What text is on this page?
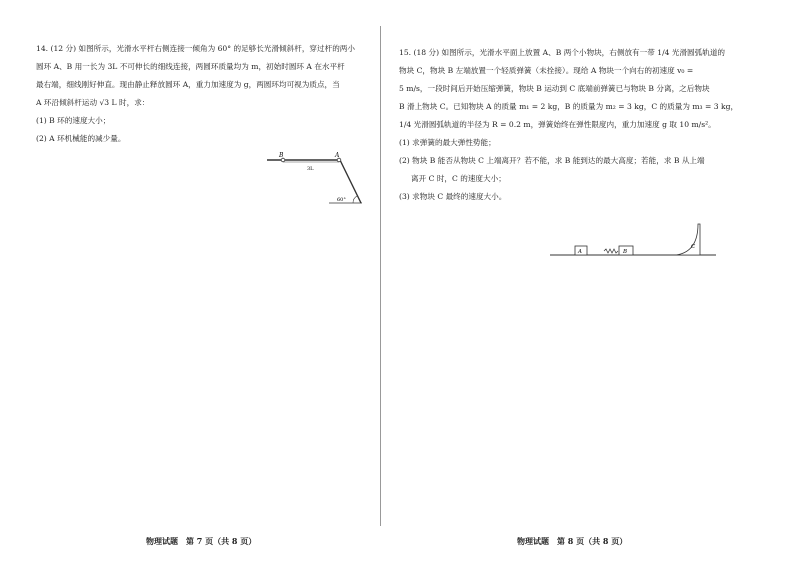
14. (12 分) 如图所示，光滑水平杆右侧连接一倾角为 60° 的足够长光滑倾斜杆，穿过杆的两小

圆环 A、B 用一长为 3L 不可伸长的细线连接，两圆环质量均为 m，初始时圆环 A 在水平杆

最右端，细线刚好伸直。现由静止释放圆环 A，重力加速度为 g，两圆环均可视为质点，当

A 环沿倾斜杆运动 √3 L 时，求：

(1) B 环的速度大小；

(2) A 环机械能的减少量。

B	A
3L
60°
物理试题　第 7 页（共 8 页）

15. (18 分) 如图所示，光滑水平面上放置 A、B 两个小物块，右侧放有一带 1/4 光滑圆弧轨道的

物块 C，物块 B 左端放置一个轻质弹簧（未拴接）。现给 A 物块一个向右的初速度 v₀ =

5 m/s，一段时间后开始压缩弹簧，物块 B 运动到 C 底端前弹簧已与物块 B 分离，之后物块

B 滑上物块 C。已知物块 A 的质量 m₁ = 2 kg，B 的质量为 m₂ = 3 kg，C 的质量为 m₃ = 3 kg，

1/4 光滑圆弧轨道的半径为 R = 0.2 m，弹簧始终在弹性限度内，重力加速度 g 取 10 m/s²。

(1) 求弹簧的最大弹性势能；

(2) 物块 B 能否从物块 C 上端离开？若不能，求 B 能到达的最大高度；若能，求 B 从上端

离开 C 时，C 的速度大小；

(3) 求物块 C 最终的速度大小。

A	B
C
物理试题　第 8 页（共 8 页）
